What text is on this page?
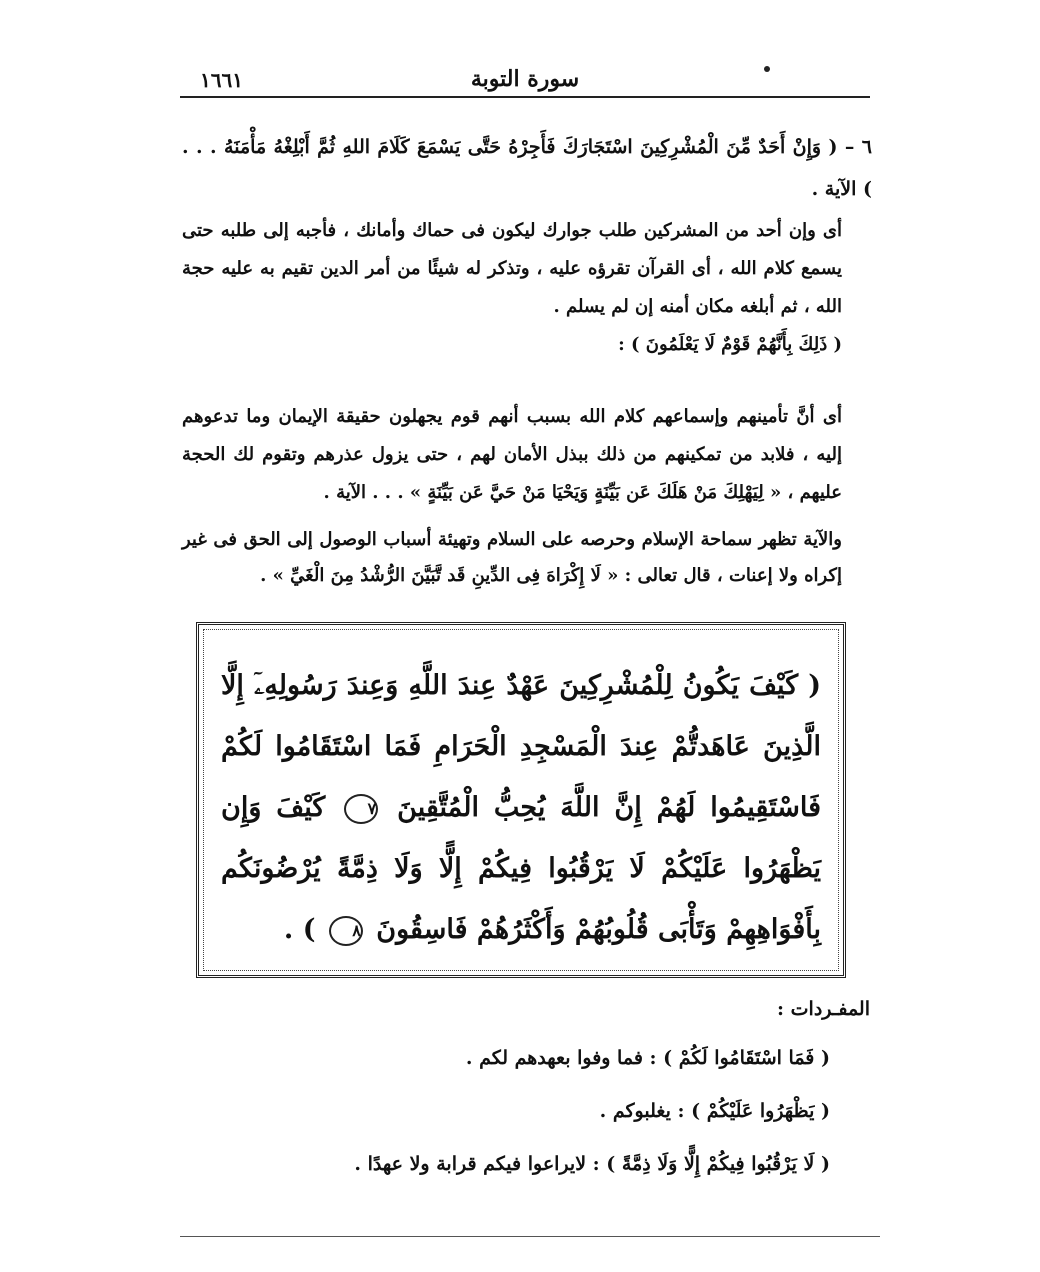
١٦٦١	سورة التوبة

٦ – ( وَإِنْ أَحَدٌ مِّنَ الْمُشْرِكِينَ اسْتَجَارَكَ فَأَجِرْهُ حَتَّى يَسْمَعَ كَلَامَ اللهِ ثُمَّ أَبْلِغْهُ مَأْمَنَهُ . . . ) الآية .

أى وإن أحد من المشركين طلب جوارك ليكون فى حماك وأمانك ، فأجبه إلى طلبه حتى يسمع كلام الله ، أى القرآن تقرؤه عليه ، وتذكر له شيئًا من أمر الدين تقيم به عليه حجة الله ، ثم أبلغه مكان أمنه إن لم يسلم .

( ذَلِكَ بِأَنَّهُمْ قَوْمٌ لَا يَعْلَمُونَ ) :

أى أنَّ تأمينهم وإسماعهم كلام الله بسبب أنهم قوم يجهلون حقيقة الإيمان وما تدعوهم إليه ، فلابد من تمكينهم من ذلك ببذل الأمان لهم ، حتى يزول عذرهم وتقوم لك الحجة عليهم ، « لِيَهْلِكَ مَنْ هَلَكَ عَن بَيِّنَةٍ وَيَحْيَا مَنْ حَيَّ عَن بَيِّنَةٍ » . . . الآية .

والآية تظهر سماحة الإسلام وحرصه على السلام وتهيئة أسباب الوصول إلى الحق فى غير إكراه ولا إعنات ، قال تعالى : « لَا إِكْرَاهَ فِى الدِّينِ قَد تَّبَيَّنَ الرُّشْدُ مِنَ الْغَيِّ » .

( كَيْفَ يَكُونُ لِلْمُشْرِكِينَ عَهْدٌ عِندَ اللَّهِ وَعِندَ رَسُولِهِۦٓ إِلَّا الَّذِينَ عَاهَدتُّمْ عِندَ الْمَسْجِدِ الْحَرَامِ فَمَا اسْتَقَامُوا لَكُمْ فَاسْتَقِيمُوا لَهُمْ إِنَّ اللَّهَ يُحِبُّ الْمُتَّقِينَ ٧ كَيْفَ وَإِن يَظْهَرُوا عَلَيْكُمْ لَا يَرْقُبُوا فِيكُمْ إِلًّا وَلَا ذِمَّةً يُرْضُونَكُم بِأَفْوَاهِهِمْ وَتَأْبَى قُلُوبُهُمْ وَأَكْثَرُهُمْ فَاسِقُونَ ٨ ) .
المفـردات :
( فَمَا اسْتَقَامُوا لَكُمْ ) : فما وفوا بعهدهم لكم .
( يَظْهَرُوا عَلَيْكُمْ ) : يغلبوكم .
( لَا يَرْقُبُوا فِيكُمْ إِلًّا وَلَا ذِمَّةً ) : لايراعوا فيكم قرابة ولا عهدًا .
